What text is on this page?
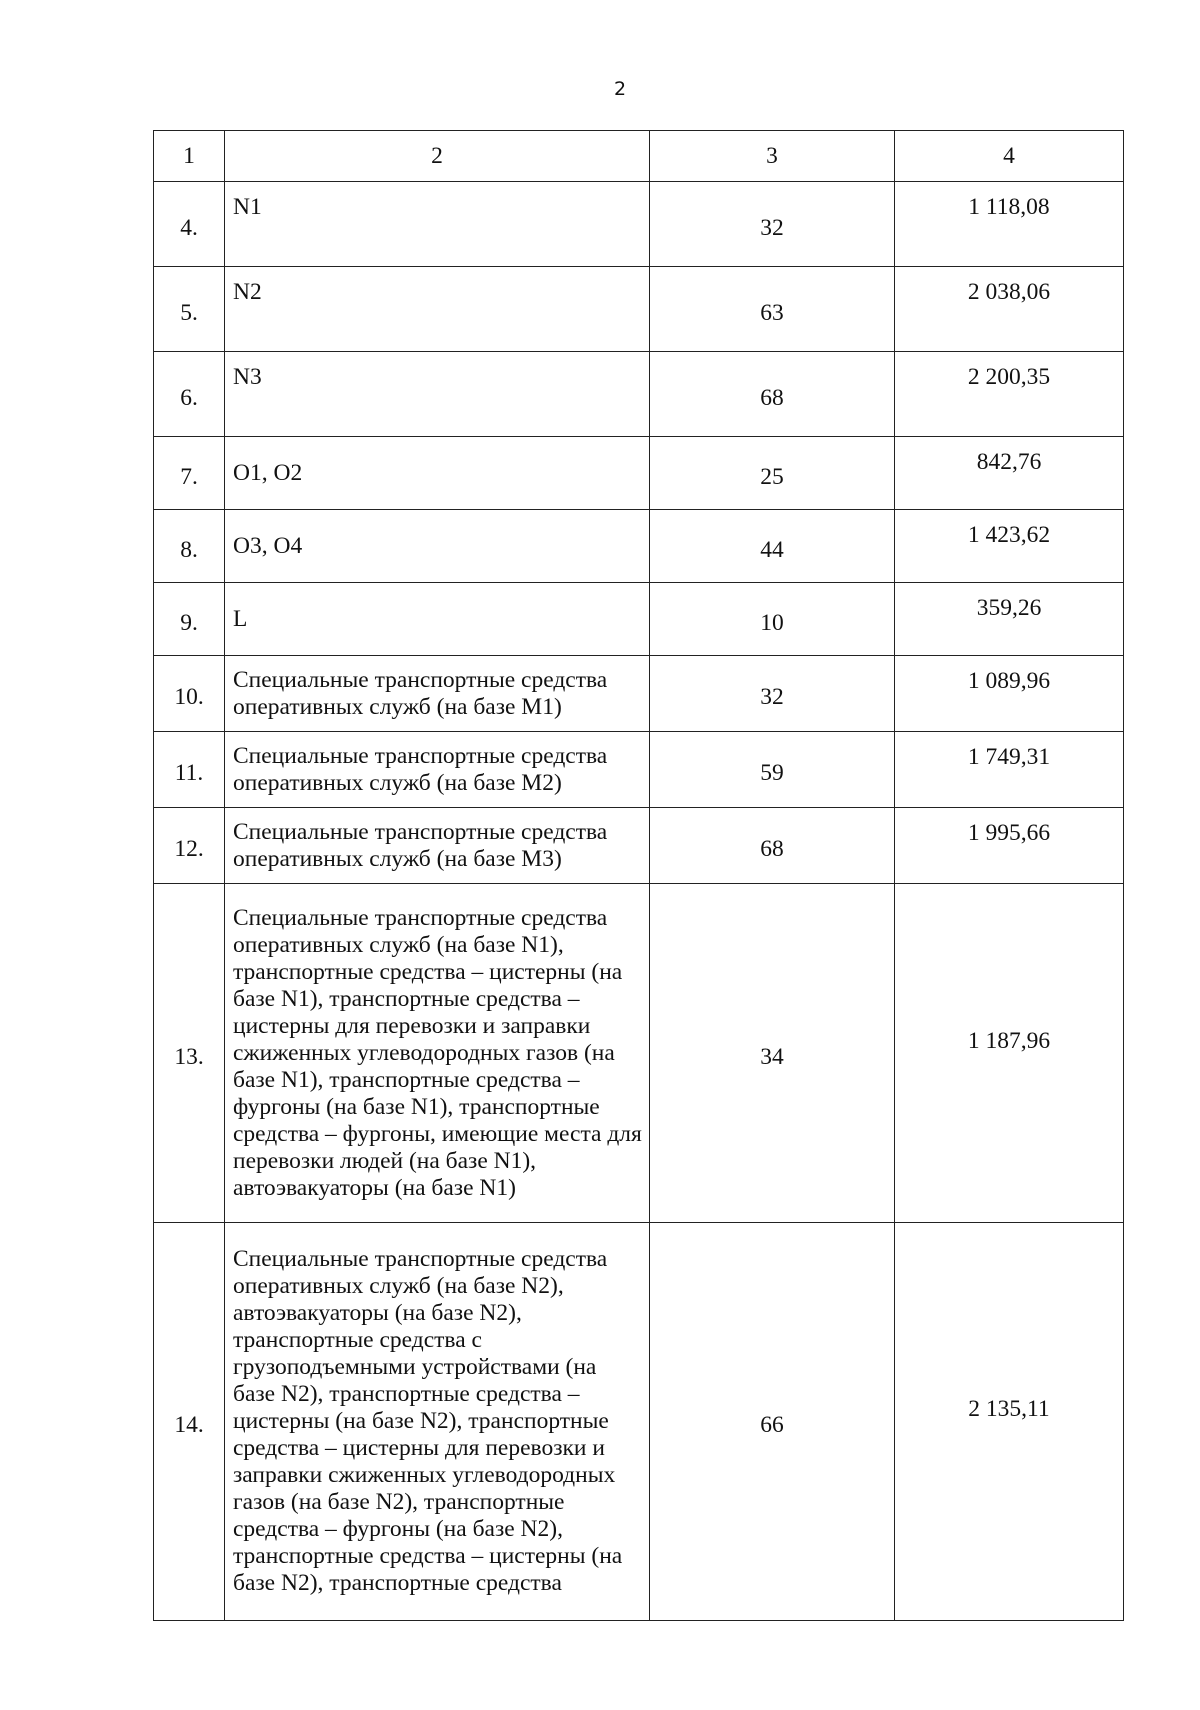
2
1	2	3	4
4.	N1	32	1 118,08
5.	N2	63	2 038,06
6.	N3	68	2 200,35
7.	O1, O2	25	842,76
8.	O3, O4	44	1 423,62
9.	L	10	359,26
10.	Специальные транспортные средства оперативных служб (на базе M1)	32	1 089,96
11.	Специальные транспортные средства оперативных служб (на базе M2)	59	1 749,31
12.	Специальные транспортные средства оперативных служб (на базе M3)	68	1 995,66
13.	Специальные транспортные средства оперативных служб (на базе N1), транспортные средства – цистерны (на базе N1), транспортные средства – цистерны для перевозки и заправки сжиженных углеводородных газов (на базе N1), транспортные средства – фургоны (на базе N1), транспортные средства – фургоны, имеющие места для перевозки людей (на базе N1), автоэвакуаторы (на базе N1)	34	1 187,96
14.	Специальные транспортные средства оперативных служб (на базе N2), автоэвакуаторы (на базе N2), транспортные средства с грузоподъемными устройствами (на базе N2), транспортные средства – цистерны (на базе N2), транспортные средства – цистерны для перевозки и заправки сжиженных углеводородных газов (на базе N2), транспортные средства – фургоны (на базе N2), транспортные средства – цистерны (на базе N2), транспортные средства	66	2 135,11
